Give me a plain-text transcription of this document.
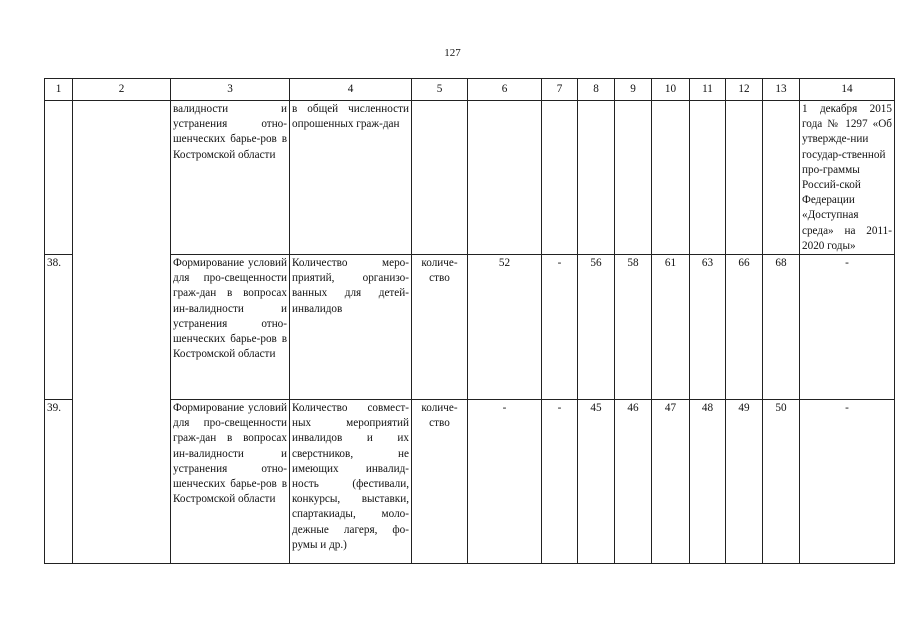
127
1	2	3	4	5	6	7	8	9	10	11	12	13	14
		валидности и устранения отно-шенческих барье-ров в Костромской области	в общей численности опрошенных граж-дан										1 декабря 2015 года № 1297 «Об утвержде-нии государ-ственной про-граммы Россий-ской Федерации «Доступная среда» на 2011-2020 годы»
38.		Формирование условий для про-свещенности граж-дан в вопросах ин-валидности и устранения отно-шенческих барье-ров в Костромской области	Количество меро-приятий, организо-ванных для детей-инвалидов	количе-ство	52	-	56	58	61	63	66	68	-
39.		Формирование условий для про-свещенности граж-дан в вопросах ин-валидности и устранения отно-шенческих барье-ров в Костромской области	Количество совмест-ных мероприятий инвалидов и их сверстников, не имеющих инвалид-ность (фестивали, конкурсы, выставки, спартакиады, моло-дежные лагеря, фо-румы и др.)	количе-ство	-	-	45	46	47	48	49	50	-
